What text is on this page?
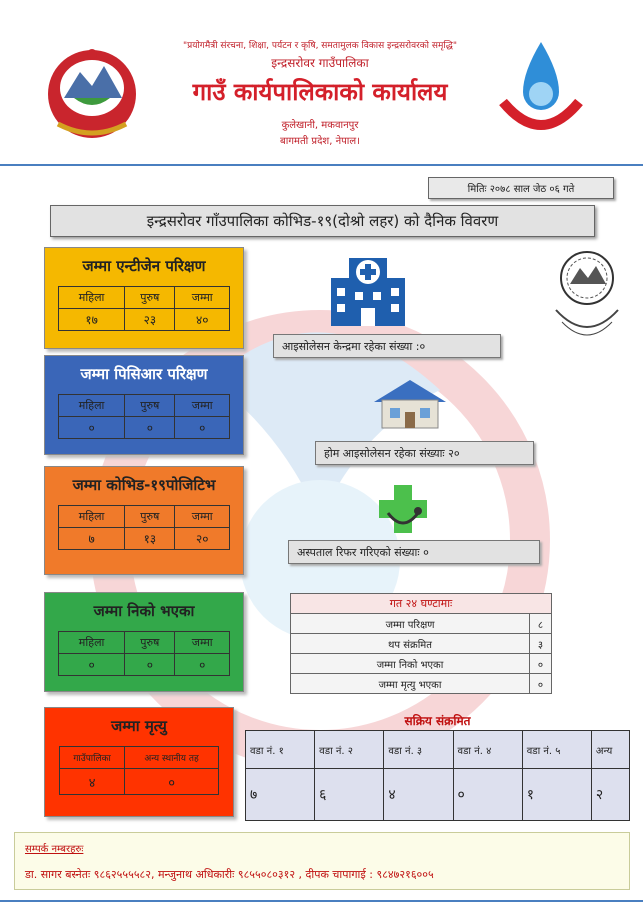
"प्रयोगमैत्री संरचना, शिक्षा, पर्यटन र कृषि, समतामुलक विकास इन्द्रसरोवरको समृद्धि"
इन्द्रसरोवर गाउँपालिका
गाउँ कार्यपालिकाको कार्यालय
कुलेखानी, मकवानपुर
बागमती प्रदेश, नेपाल।
मितिः २०७८ साल जेठ ०६ गते
इन्द्रसरोवर गाँउपालिका कोभिड-१९(दोश्रो लहर) को दैनिक विवरण
जम्मा एन्टीजेन परिक्षण
महिला	पुरुष	जम्मा
१७	२३	४०
जम्मा पिसिआर परिक्षण
महिला	पुरुष	जम्मा
०	०	०
जम्मा कोभिड-१९पोजिटिभ
महिला	पुरुष	जम्मा
७	१३	२०
जम्मा निको भएका
महिला	पुरुष	जम्मा
०	०	०
जम्मा मृत्यु
गाउँपालिका	अन्य स्थानीय तह
४	०
आइसोलेसन केन्द्रमा रहेका संख्या :०
होम आइसोलेसन रहेका संख्याः २०
अस्पताल रिफर गरिएको संख्याः ०
गत २४ घण्टामाः	
जम्मा परिक्षण	८
थप संक्रमित	३
जम्मा निको भएका	०
जम्मा मृत्यु भएका	०
सक्रिय संक्रमित
वडा नं. १	वडा नं. २	वडा नं. ३	वडा नं. ४	वडा नं. ५	अन्य
७	६	४	०	१	२
सम्पर्क नम्बरहरुः
डा. सागर बस्नेतः ९८६२५५५५८२, मन्जुनाथ अधिकारीः ९८५५०८०३१२ , दीपक चापागाई : ९८४७२१६००५
